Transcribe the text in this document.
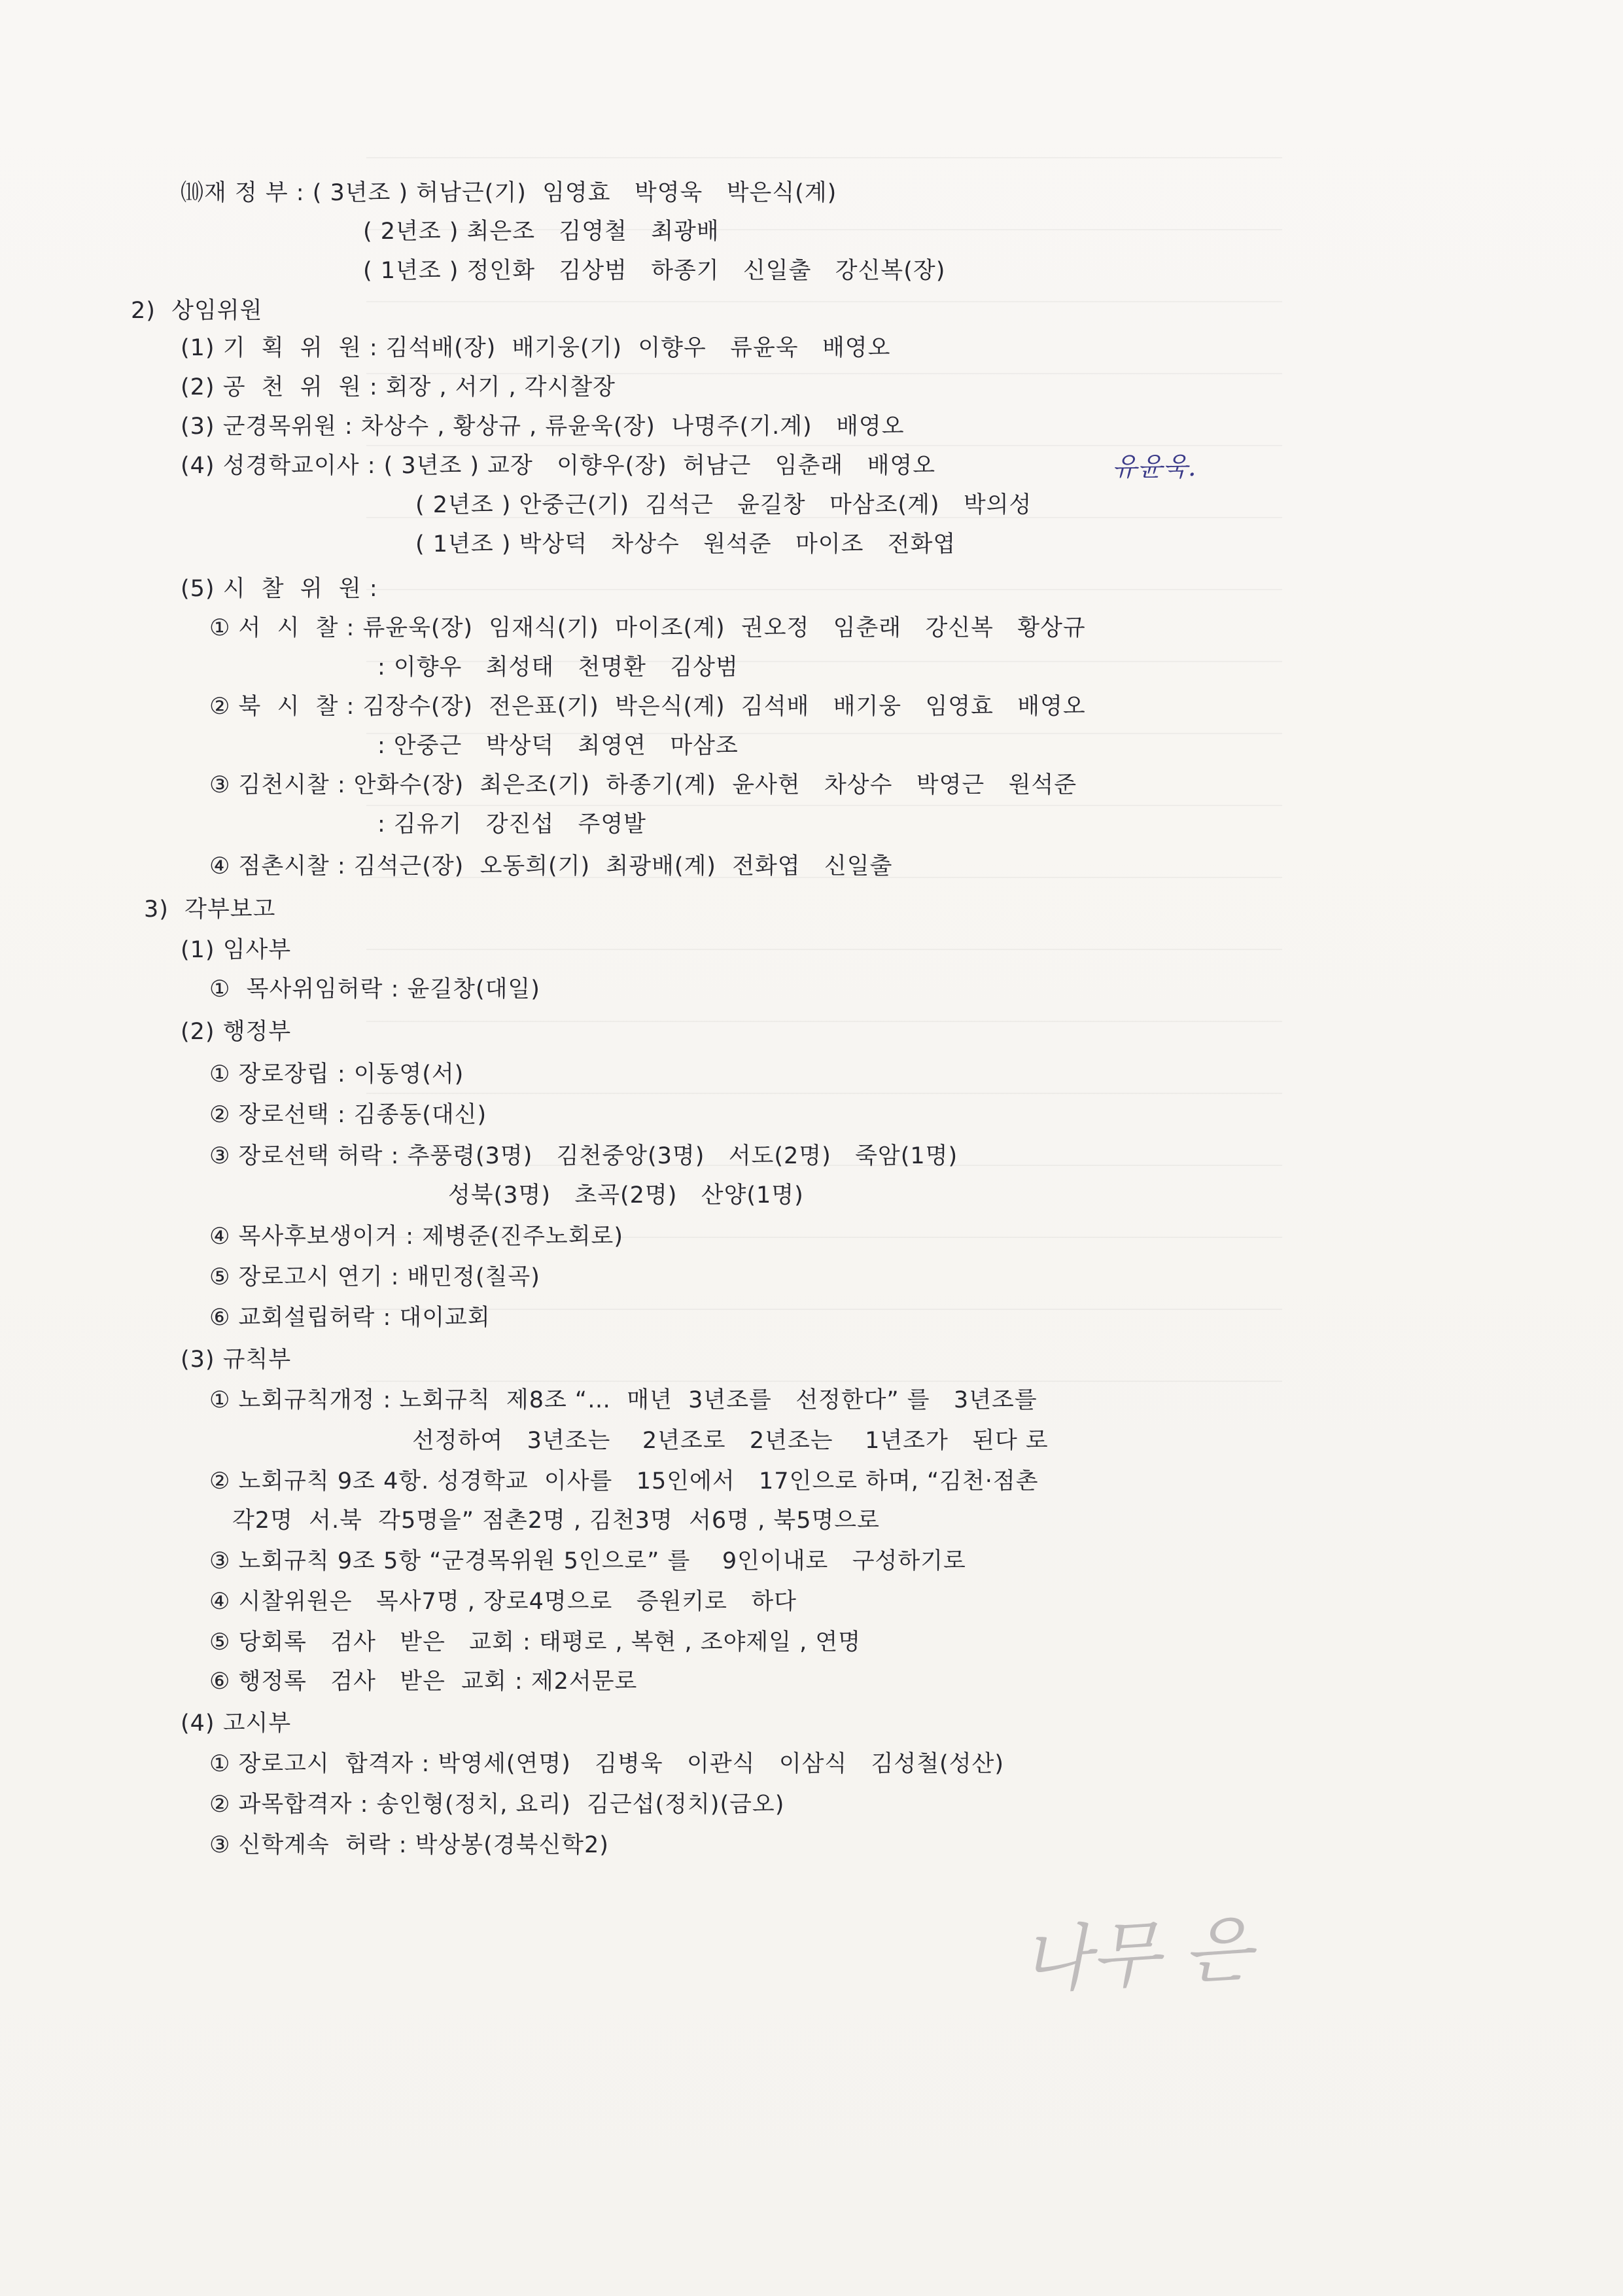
⑽재 정 부 : ( 3년조 ) 허남근(기)  임영효   박영욱   박은식(계)
( 2년조 ) 최은조   김영철   최광배
( 1년조 ) 정인화   김상범   하종기   신일출   강신복(장)
2)  상임위원
(1) 기  획  위  원 : 김석배(장)  배기웅(기)  이향우   류윤욱   배영오
(2) 공  천  위  원 : 회장 , 서기 , 각시찰장
(3) 군경목위원 : 차상수 , 황상규 , 류윤욱(장)  나명주(기.계)   배영오
(4) 성경학교이사 : ( 3년조 ) 교장   이향우(장)  허남근   임춘래   배영오	유윤욱.
( 2년조 ) 안중근(기)  김석근   윤길창   마삼조(계)   박의성
( 1년조 ) 박상덕   차상수   원석준   마이조   전화엽
(5) 시  찰  위  원 :
① 서  시  찰 : 류윤욱(장)  임재식(기)  마이조(계)  권오정   임춘래   강신복   황상규
: 이향우   최성태   천명환   김상범
② 북  시  찰 : 김장수(장)  전은표(기)  박은식(계)  김석배   배기웅   임영효   배영오
: 안중근   박상덕   최영연   마삼조
③ 김천시찰 : 안화수(장)  최은조(기)  하종기(계)  윤사현   차상수   박영근   원석준
: 김유기   강진섭   주영발
④ 점촌시찰 : 김석근(장)  오동희(기)  최광배(계)  전화엽   신일출
3)  각부보고
(1) 임사부
①  목사위임허락 : 윤길창(대일)
(2) 행정부
① 장로장립 : 이동영(서)
② 장로선택 : 김종동(대신)
③ 장로선택 허락 : 추풍령(3명)   김천중앙(3명)   서도(2명)   죽암(1명)
성북(3명)   초곡(2명)   산양(1명)
④ 목사후보생이거 : 제병준(진주노회로)
⑤ 장로고시 연기 : 배민정(칠곡)
⑥ 교회설립허락 : 대이교회
(3) 규칙부
① 노회규칙개정 : 노회규칙  제8조 “…  매년  3년조를   선정한다” 를   3년조를
선정하여   3년조는    2년조로   2년조는    1년조가   된다 로
② 노회규칙 9조 4항. 성경학교  이사를   15인에서   17인으로 하며, “김천·점촌
각2명  서.북  각5명을” 점촌2명 , 김천3명  서6명 , 북5명으로
③ 노회규칙 9조 5항 “군경목위원 5인으로” 를    9인이내로   구성하기로
④ 시찰위원은   목사7명 , 장로4명으로   증원키로   하다
⑤ 당회록   검사   받은   교회 : 태평로 , 복현 , 조야제일 , 연명
⑥ 행정록   검사   받은  교회 : 제2서문로
(4) 고시부
① 장로고시  합격자 : 박영세(연명)   김병욱   이관식   이삼식   김성철(성산)
② 과목합격자 : 송인형(정치, 요리)  김근섭(정치)(금오)
③ 신학계속  허락 : 박상봉(경북신학2)
나무 은
